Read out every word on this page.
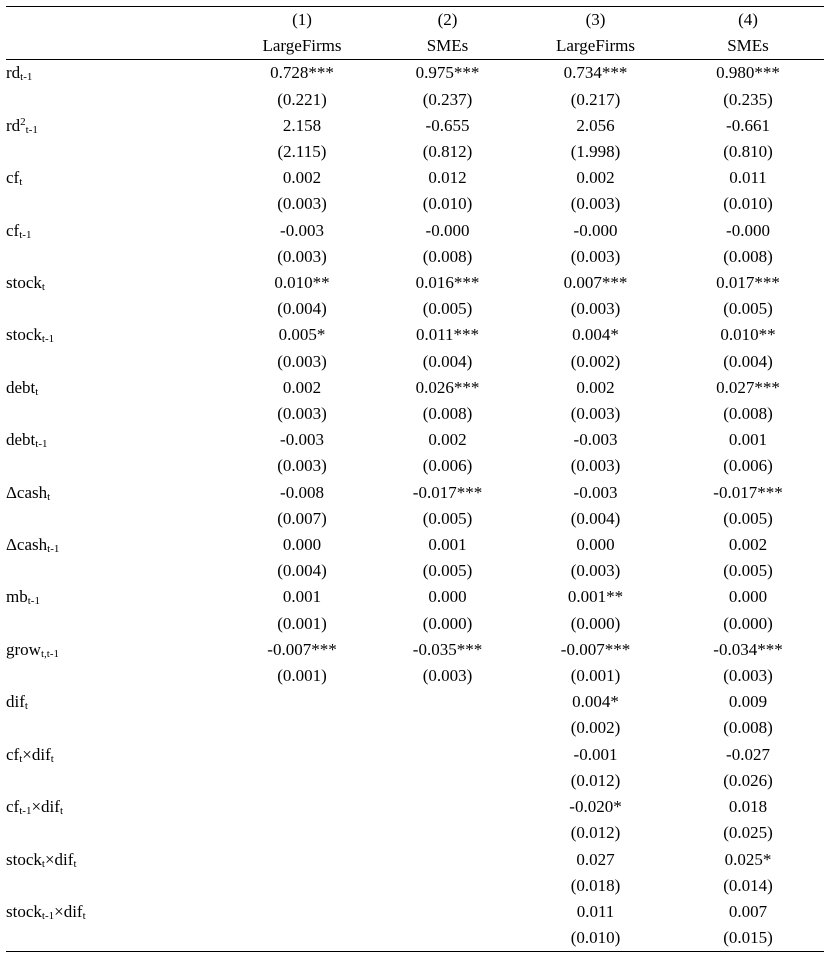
	(1)	(2)	(3)	(4)
	LargeFirms	SMEs	LargeFirms	SMEs
$rd_{t-1}$	0.728***	0.975***	0.734***	0.980***
	(0.221)	(0.237)	(0.217)	(0.235)
$rd^2_{t-1}$	2.158	-0.655	2.056	-0.661
	(2.115)	(0.812)	(1.998)	(0.810)
$cf_t$	0.002	0.012	0.002	0.011
	(0.003)	(0.010)	(0.003)	(0.010)
$cf_{t-1}$	-0.003	-0.000	-0.000	-0.000
	(0.003)	(0.008)	(0.003)	(0.008)
stock$_t$	0.010**	0.016***	0.007***	0.017***
	(0.004)	(0.005)	(0.003)	(0.005)
stock$_{t-1}$	0.005*	0.011***	0.004*	0.010**
	(0.003)	(0.004)	(0.002)	(0.004)
debt$_t$	0.002	0.026***	0.002	0.027***
	(0.003)	(0.008)	(0.003)	(0.008)
debt$_{t-1}$	-0.003	0.002	-0.003	0.001
	(0.003)	(0.006)	(0.003)	(0.006)
Δcash$_t$	-0.008	-0.017***	-0.003	-0.017***
	(0.007)	(0.005)	(0.004)	(0.005)
Δcash$_{t-1}$	0.000	0.001	0.000	0.002
	(0.004)	(0.005)	(0.003)	(0.005)
$mb_{t-1}$	0.001	0.000	0.001**	0.000
	(0.001)	(0.000)	(0.000)	(0.000)
grow$_{t,t-1}$	-0.007***	-0.035***	-0.007***	-0.034***
	(0.001)	(0.003)	(0.001)	(0.003)
dif$_t$			0.004*	0.009
			(0.002)	(0.008)
$cf_t\times dif_t$			-0.001	-0.027
			(0.012)	(0.026)
$cf_{t-1}\times dif_t$			-0.020*	0.018
			(0.012)	(0.025)
stock$_t$×dif$_t$			0.027	0.025*
			(0.018)	(0.014)
stock$_{t-1}$×dif$_t$			0.011	0.007
			(0.010)	(0.015)
